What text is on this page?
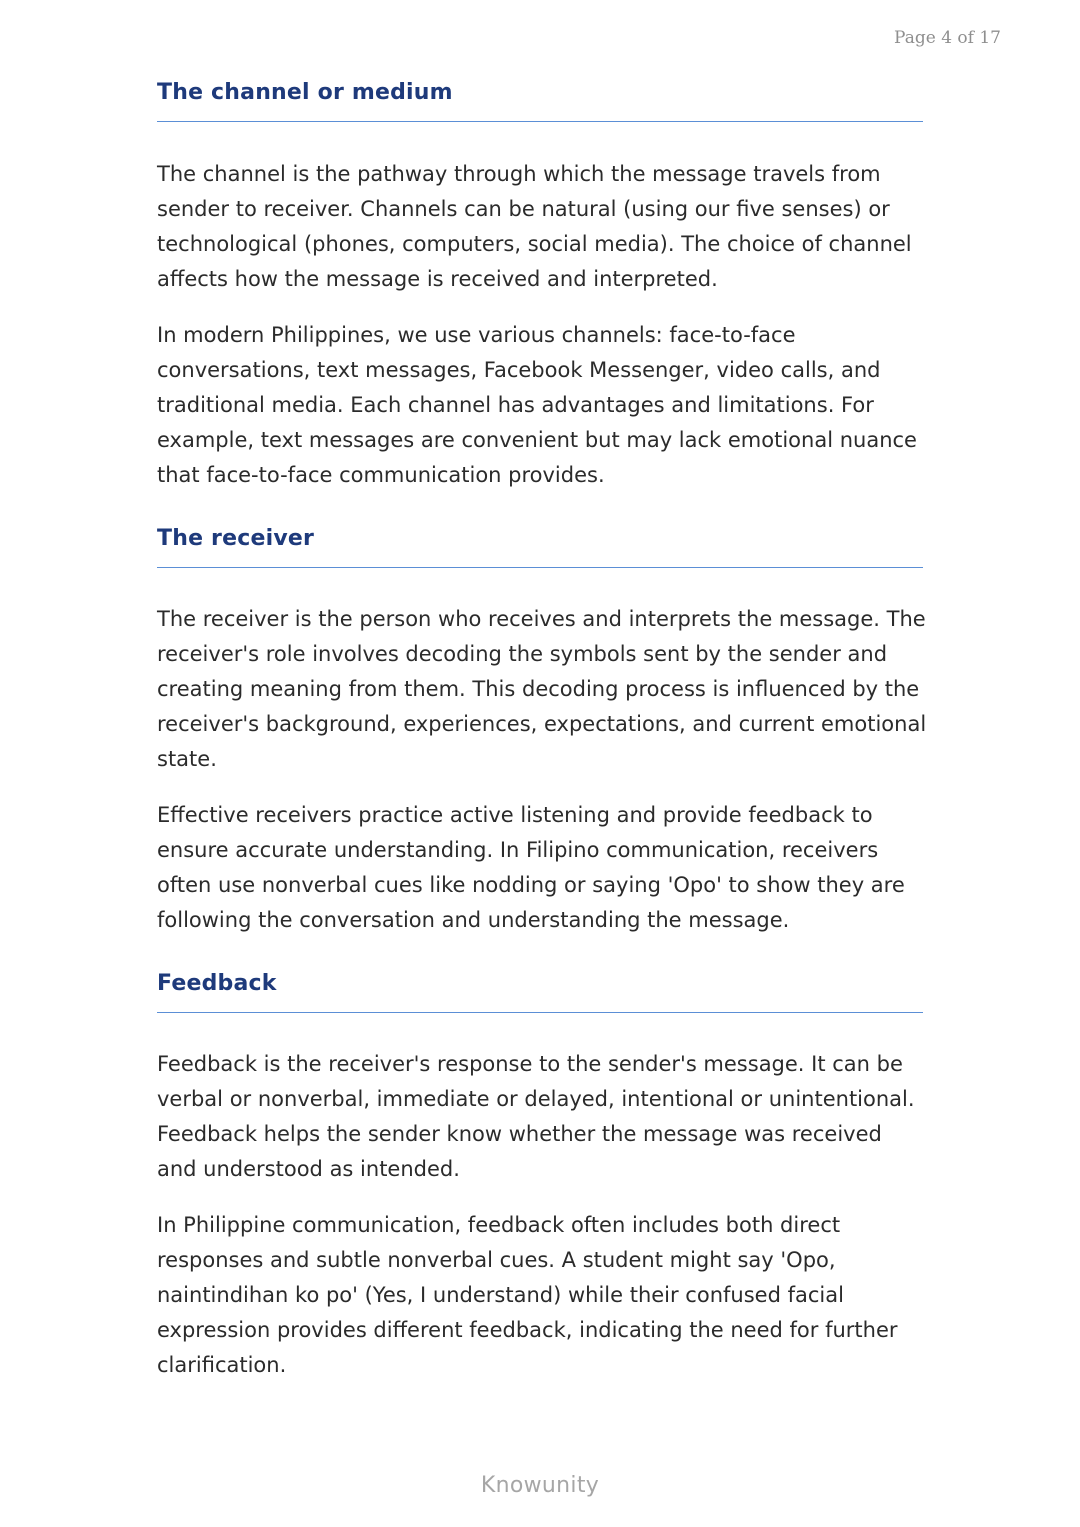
Page 4 of 17
The channel or medium

The channel is the pathway through which the message travels from sender to receiver. Channels can be natural (using our five senses) or technological (phones, computers, social media). The choice of channel affects how the message is received and interpreted.

In modern Philippines, we use various channels: face-to-face conversations, text messages, Facebook Messenger, video calls, and traditional media. Each channel has advantages and limitations. For example, text messages are convenient but may lack emotional nuance that face-to-face communication provides.

The receiver

The receiver is the person who receives and interprets the message. The receiver's role involves decoding the symbols sent by the sender and creating meaning from them. This decoding process is influenced by the receiver's background, experiences, expectations, and current emotional state.

Effective receivers practice active listening and provide feedback to ensure accurate understanding. In Filipino communication, receivers often use nonverbal cues like nodding or saying 'Opo' to show they are following the conversation and understanding the message.

Feedback

Feedback is the receiver's response to the sender's message. It can be verbal or nonverbal, immediate or delayed, intentional or unintentional. Feedback helps the sender know whether the message was received and understood as intended.

In Philippine communication, feedback often includes both direct responses and subtle nonverbal cues. A student might say 'Opo, naintindihan ko po' (Yes, I understand) while their confused facial expression provides different feedback, indicating the need for further clarification.

Knowunity
